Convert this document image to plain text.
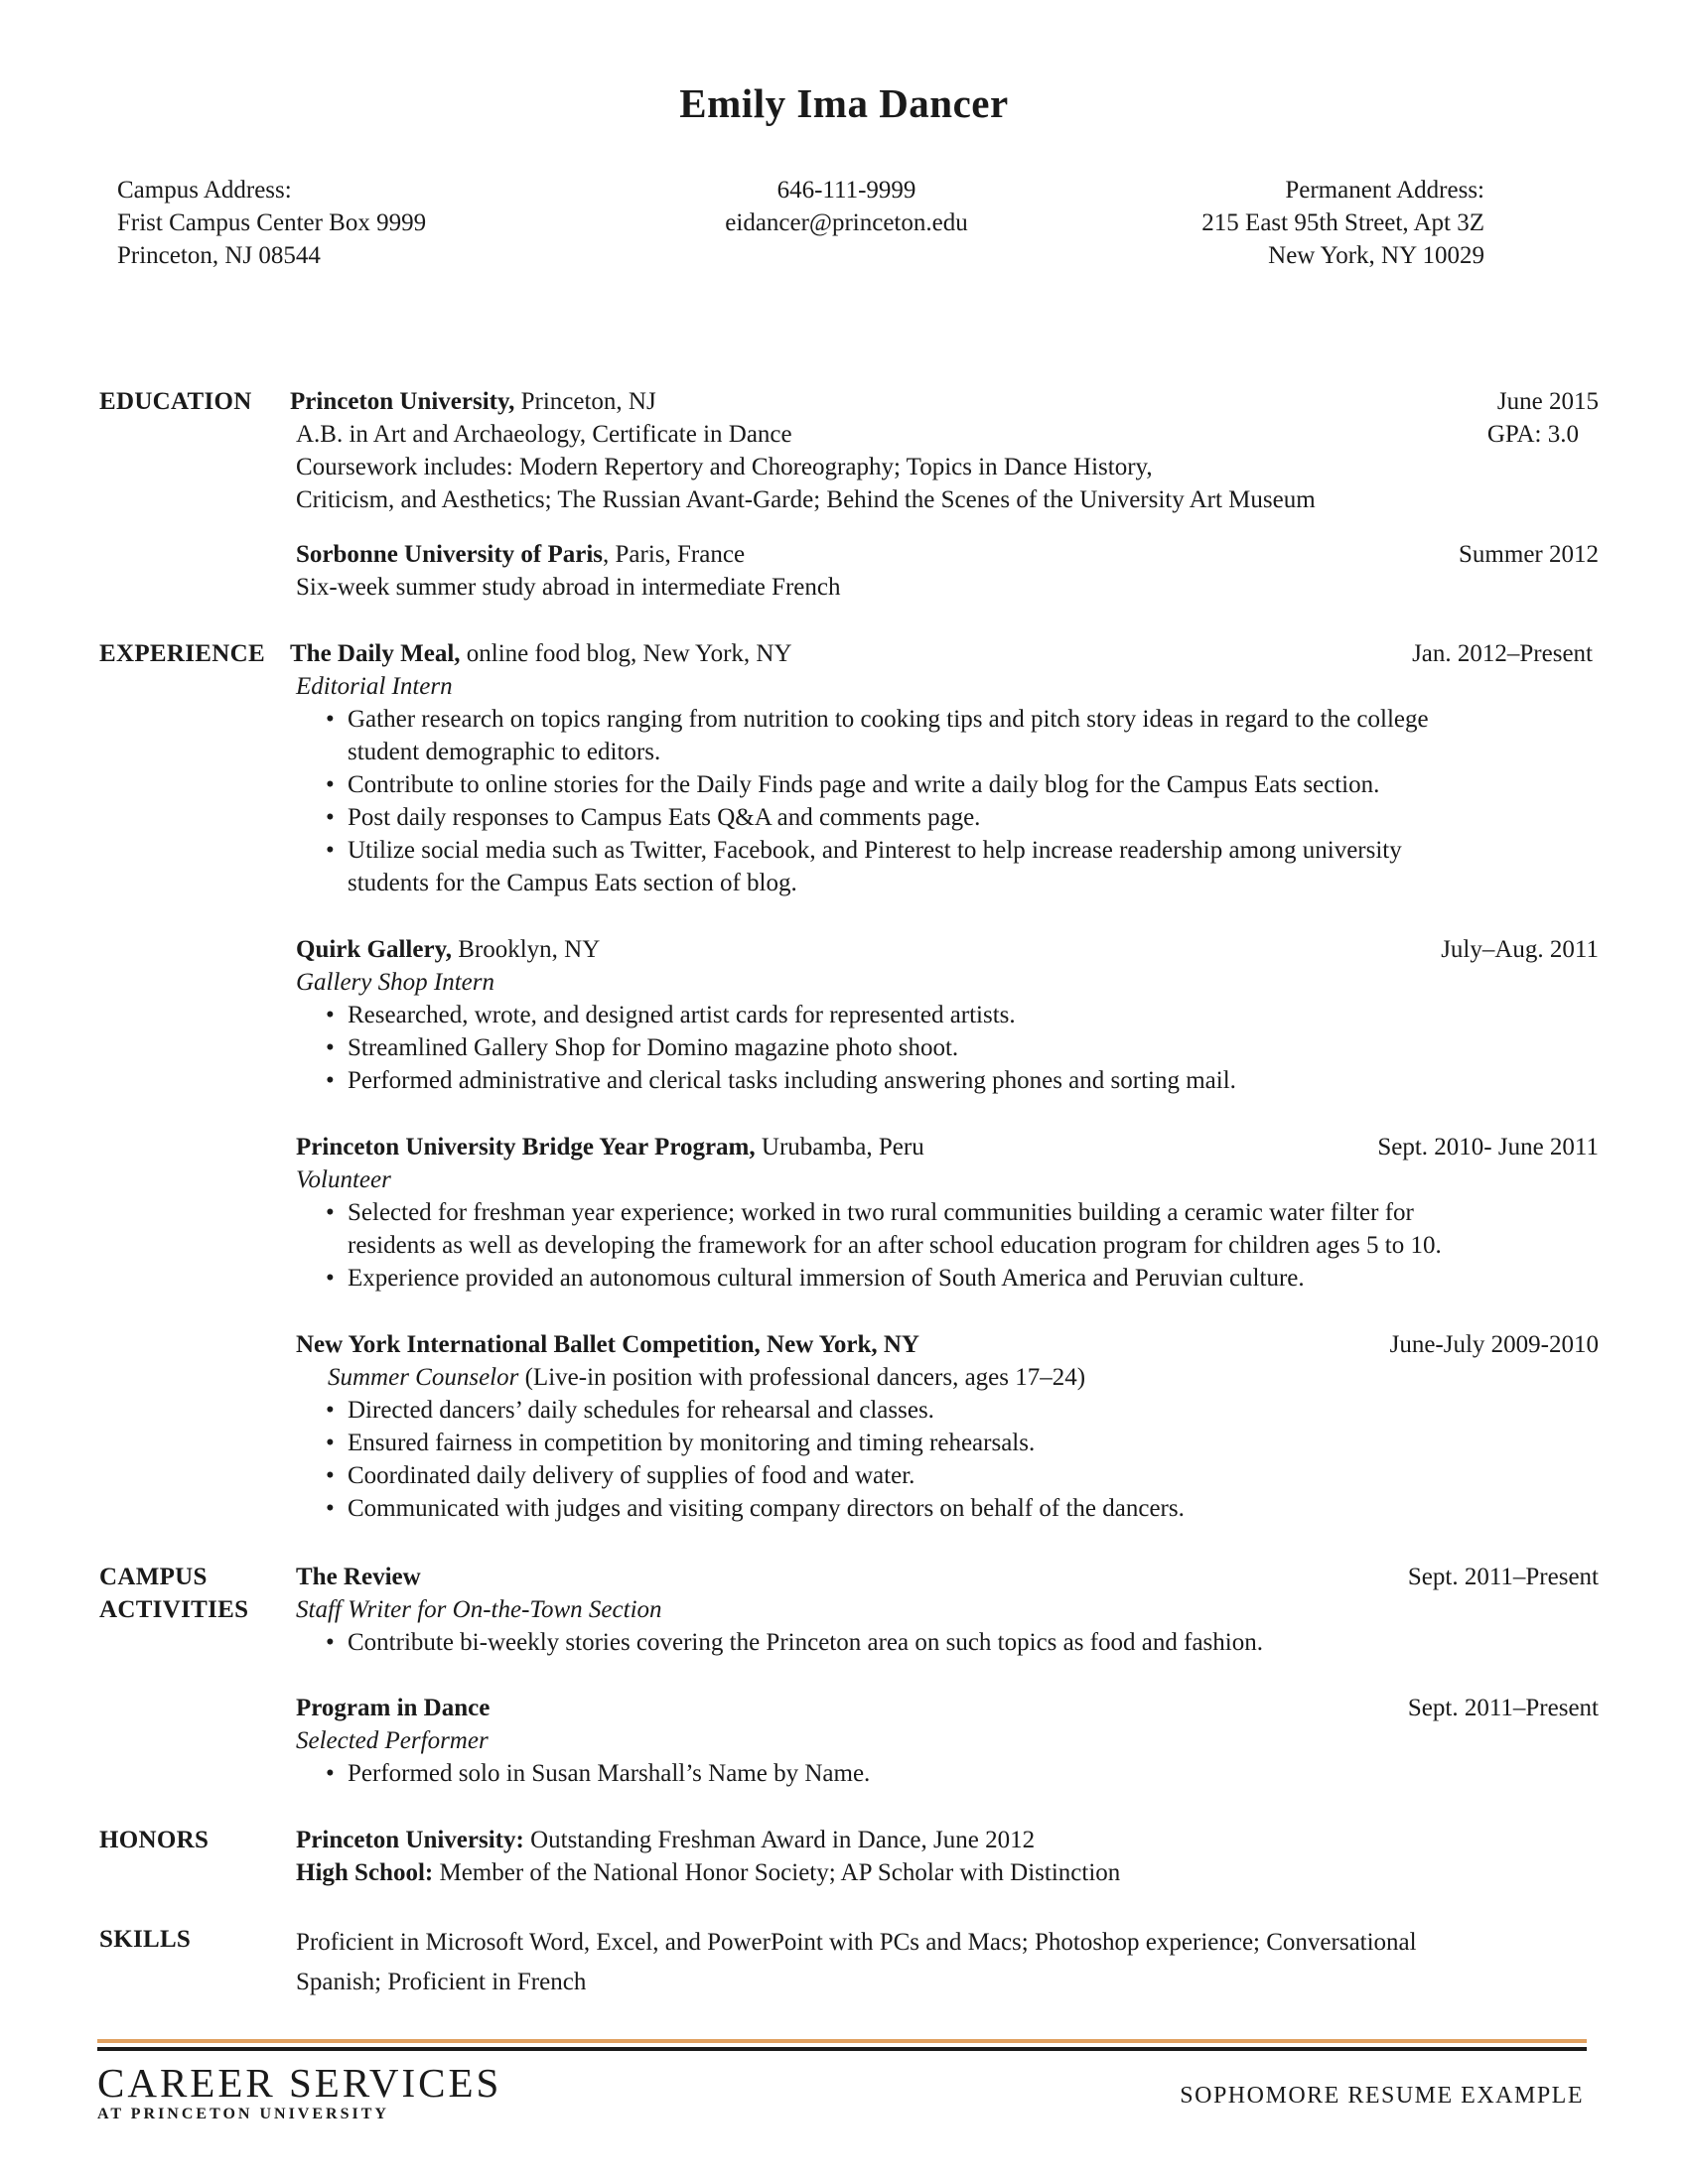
Emily Ima Dancer
Campus Address:
Frist Campus Center Box 9999
Princeton, NJ 08544
646-111-9999
eidancer@princeton.edu
Permanent Address:
215 East 95th Street, Apt 3Z
New York, NY 10029
EDUCATION Princeton University, Princeton, NJ	June 2015
A.B. in Art and Archaeology, Certificate in Dance	GPA: 3.0
Coursework includes: Modern Repertory and Choreography; Topics in Dance History,
Criticism, and Aesthetics; The Russian Avant-Garde; Behind the Scenes of the University Art Museum
Sorbonne University of Paris, Paris, France	Summer 2012
Six-week summer study abroad in intermediate French
EXPERIENCE The Daily Meal, online food blog, New York, NY	Jan. 2012–Present
Editorial Intern
• Gather research on topics ranging from nutrition to cooking tips and pitch story ideas in regard to the college
student demographic to editors.
• Contribute to online stories for the Daily Finds page and write a daily blog for the Campus Eats section.
• Post daily responses to Campus Eats Q&A and comments page.
• Utilize social media such as Twitter, Facebook, and Pinterest to help increase readership among university
students for the Campus Eats section of blog.
Quirk Gallery, Brooklyn, NY	July–Aug. 2011
Gallery Shop Intern
• Researched, wrote, and designed artist cards for represented artists.
• Streamlined Gallery Shop for Domino magazine photo shoot.
• Performed administrative and clerical tasks including answering phones and sorting mail.
Princeton University Bridge Year Program, Urubamba, Peru	Sept. 2010- June 2011
Volunteer
• Selected for freshman year experience; worked in two rural communities building a ceramic water filter for
residents as well as developing the framework for an after school education program for children ages 5 to 10.
• Experience provided an autonomous cultural immersion of South America and Peruvian culture.
New York International Ballet Competition, New York, NY	June-July 2009-2010
Summer Counselor (Live-in position with professional dancers, ages 17–24)
• Directed dancers’ daily schedules for rehearsal and classes.
• Ensured fairness in competition by monitoring and timing rehearsals.
• Coordinated daily delivery of supplies of food and water.
• Communicated with judges and visiting company directors on behalf of the dancers.
CAMPUS
ACTIVITIES
The Review	Sept. 2011–Present
Staff Writer for On-the-Town Section
• Contribute bi-weekly stories covering the Princeton area on such topics as food and fashion.
Program in Dance	Sept. 2011–Present
Selected Performer
• Performed solo in Susan Marshall’s Name by Name.
HONORS	Princeton University: Outstanding Freshman Award in Dance, June 2012
High School: Member of the National Honor Society; AP Scholar with Distinction
SKILLS	Proficient in Microsoft Word, Excel, and PowerPoint with PCs and Macs; Photoshop experience; Conversational
Spanish; Proficient in French
CAREER SERVICES
AT PRINCETON UNIVERSITY
SOPHOMORE RESUME EXAMPLE
